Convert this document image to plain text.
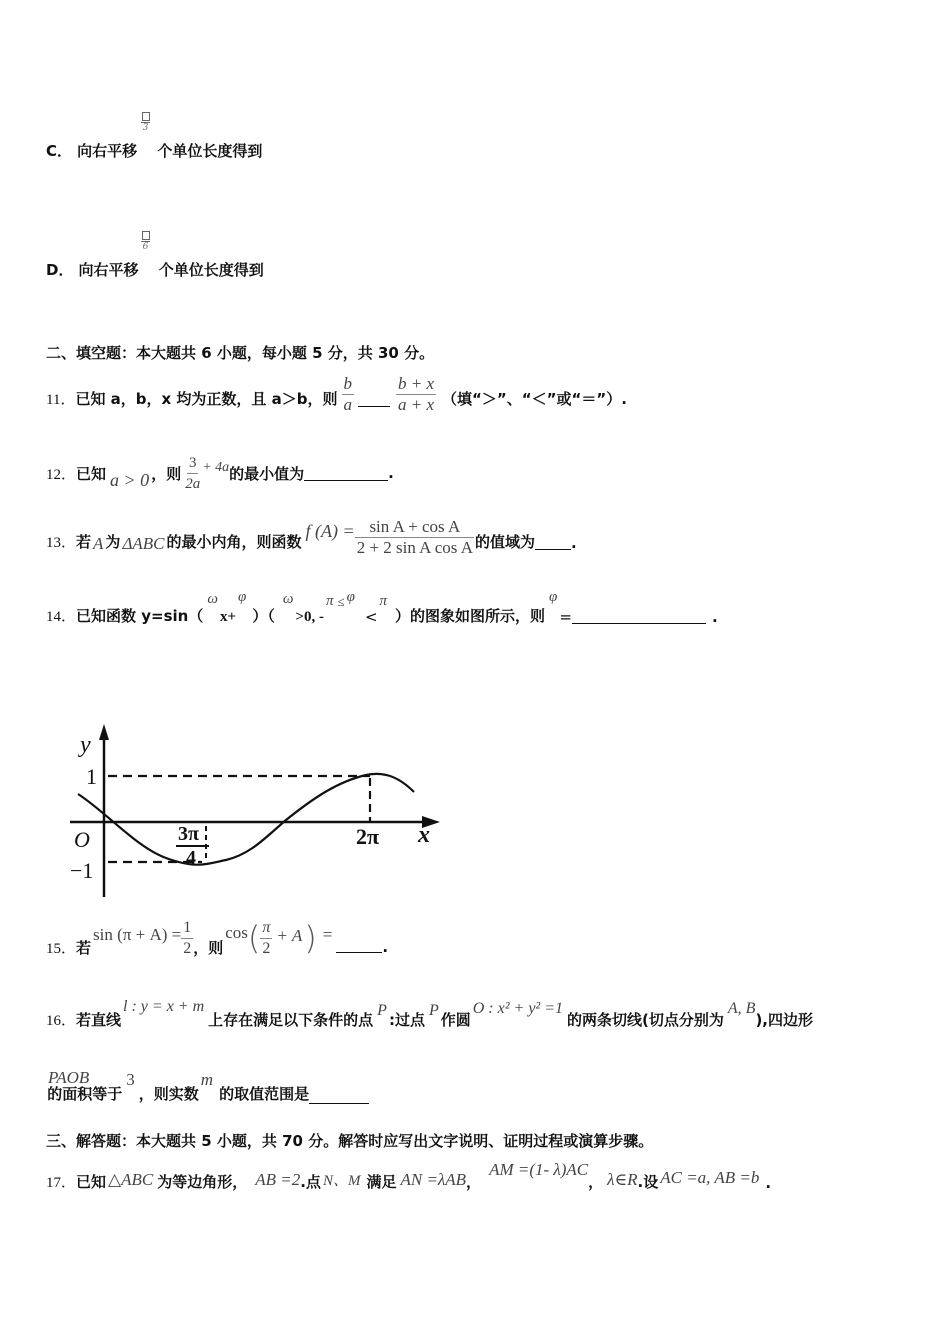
C． 向右平移 个单位长度得到
3
D． 向右平移 个单位长度得到
6
二、填空题：本大题共 6 小题，每小题 5 分，共 30 分。
11． 已知 a，b，x 均为正数，且 a＞b，则 $\frac{b}{a} \frac{b + x}{a + x}$ （填“＞”、“＜”或“＝”）.
12． 已知 a > 0 ，则 $\frac{3}{2a} + 4a$ 的最小值为	.
13． 若 A 为 ΔABC 的最小内角，则函数
f $(A) = \frac{\text{sin A + cos A}}{\text{2 + 2 sin A cos A}}$ 的值域为 .
14． 已知函数 y=sin（
ω
x+
φ
）（
ω
>0, -
π ≤ φ
<
π
）的图象如图所示，则
φ
=	.
y
1
O
−1
3π
4
2π x
15． 若
$\sin (\pi + A) = \frac{1}{2}$ ，则
cos ( $\frac{\pi}{2} + A$ ) =
.
16． 若直线
l : y = x + m
上存在满足以下条件的点
P
:过点
P
作圆
O : x² + y² =1
的两条切线(切点分别为
A, B
),四边形
PAOB
的面积等于
3
，则实数
m
的取值范围是
三、解答题：本大题共 5 小题，共 70 分。解答时应写出文字说明、证明过程或演算步骤。
17． 已知 △ABC 为等边角形， AB =2 .点 N、M 满足 AN =λAB ，
AM =(1- λ)AC
， λ∈R .设 AC =a, AB =b .
